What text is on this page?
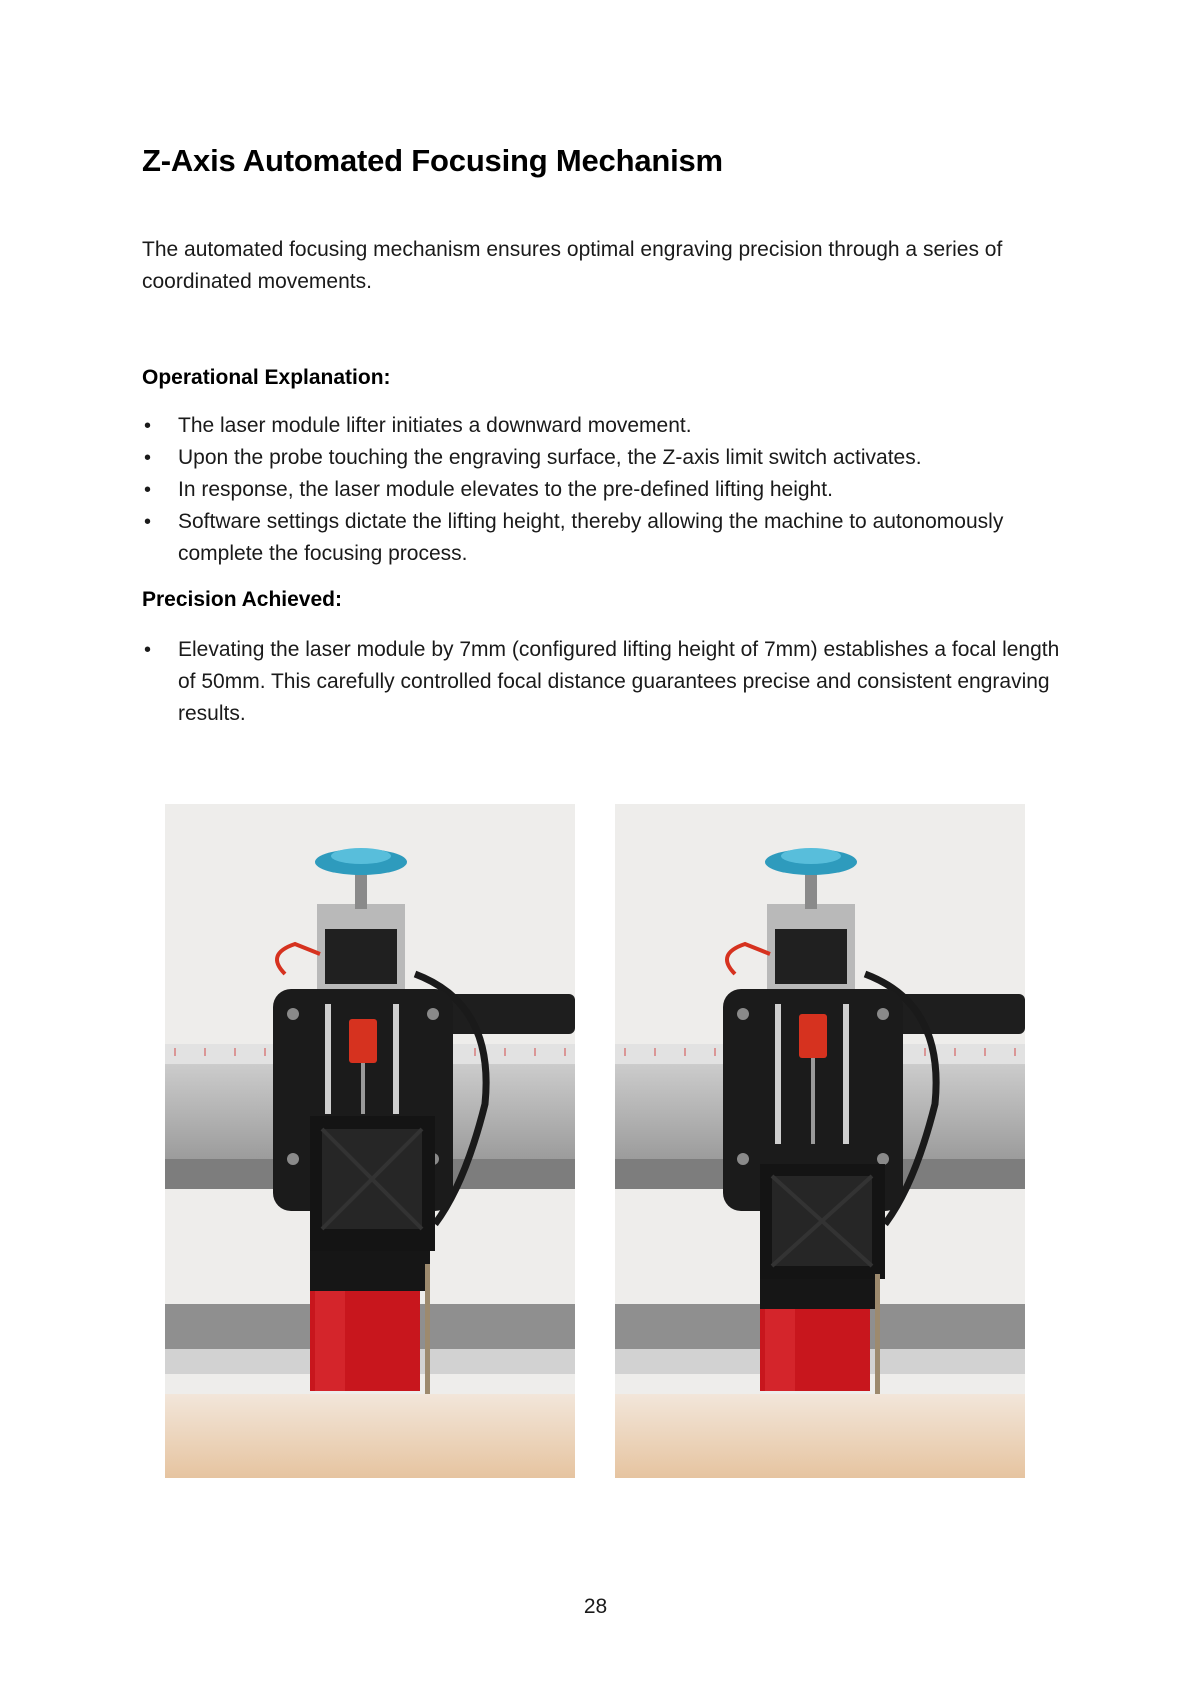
Z-Axis Automated Focusing Mechanism

The automated focusing mechanism ensures optimal engraving precision through a series of coordinated movements.

Operational Explanation:
• The laser module lifter initiates a downward movement.
• Upon the probe touching the engraving surface, the Z-axis limit switch activates.
• In response, the laser module elevates to the pre-defined lifting height.
• Software settings dictate the lifting height, thereby allowing the machine to autonomously complete the focusing process.
Precision Achieved:
• Elevating the laser module by 7mm (configured lifting height of 7mm) establishes a focal length of 50mm. This carefully controlled focal distance guarantees precise and consistent engraving results.
28
